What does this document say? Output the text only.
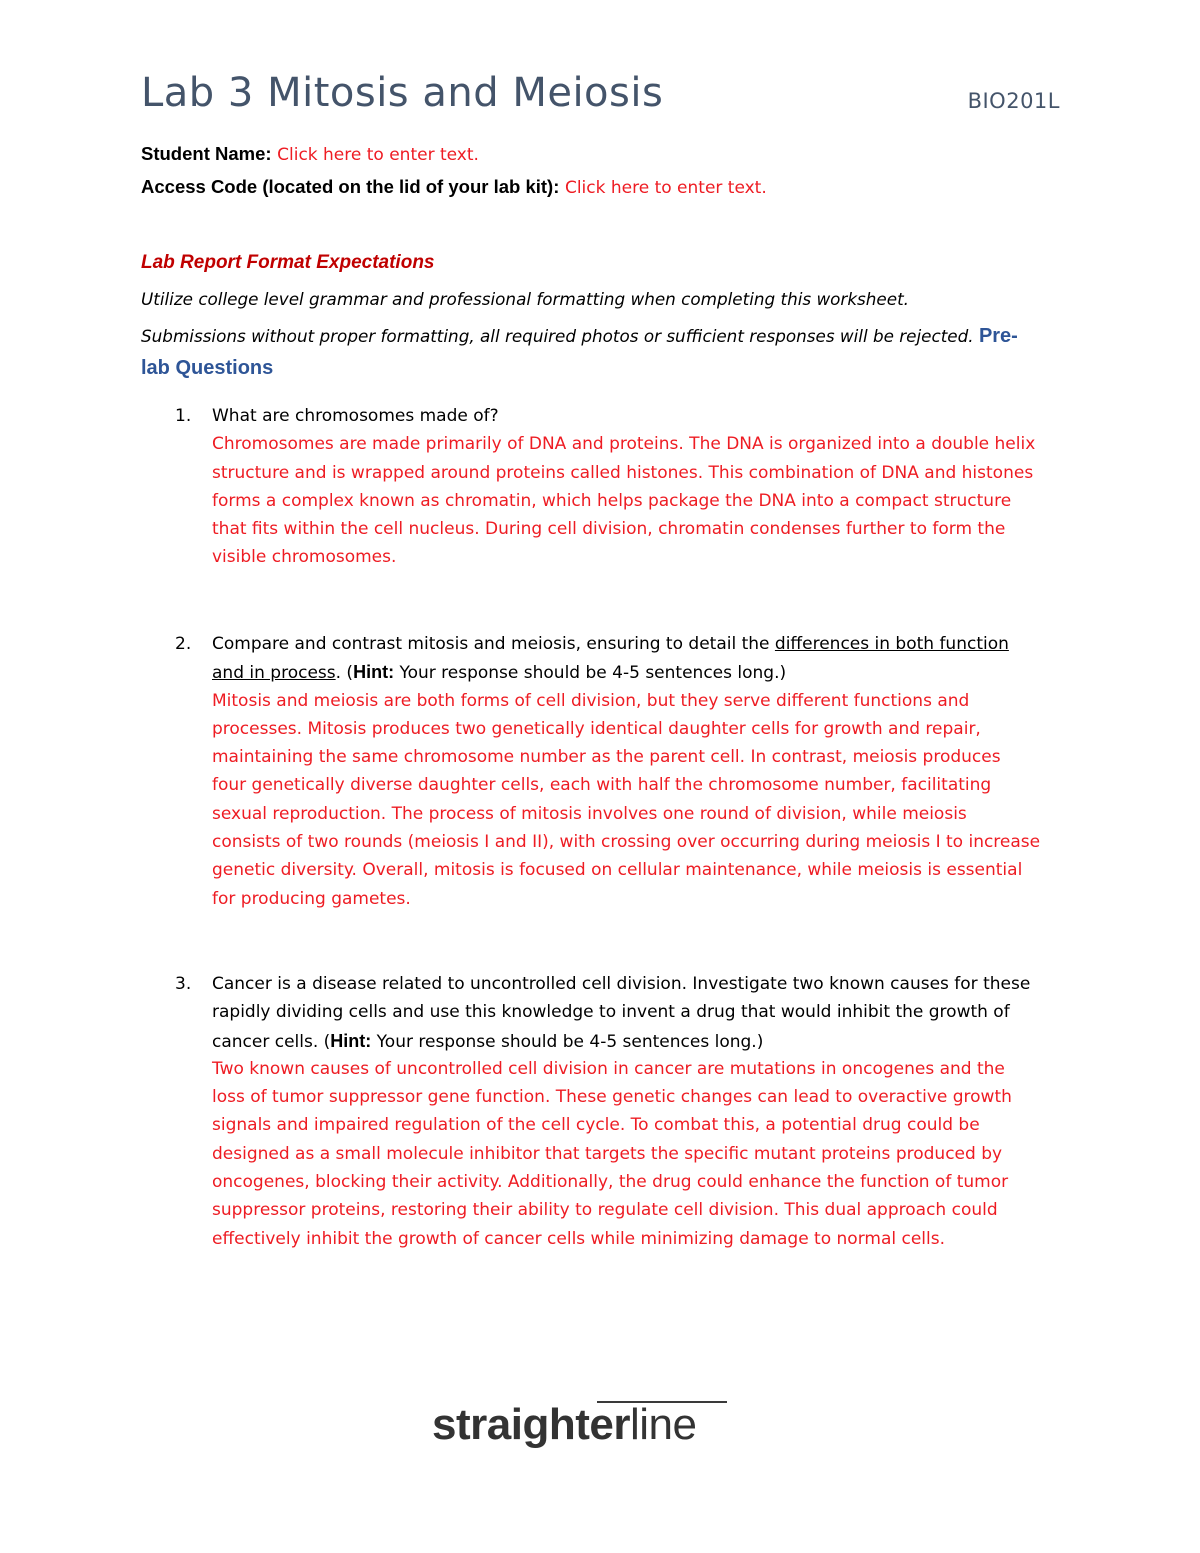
Lab 3 Mitosis and Meiosis	BIO201L
Student Name: Click here to enter text.
Access Code (located on the lid of your lab kit): Click here to enter text.
Lab Report Format Expectations
Utilize college level grammar and professional formatting when completing this worksheet.
Submissions without proper formatting, all required photos or sufficient responses will be rejected. Pre-
lab Questions
1. What are chromosomes made of?
Chromosomes are made primarily of DNA and proteins. The DNA is organized into a double helix
structure and is wrapped around proteins called histones. This combination of DNA and histones
forms a complex known as chromatin, which helps package the DNA into a compact structure
that fits within the cell nucleus. During cell division, chromatin condenses further to form the
visible chromosomes.
2. Compare and contrast mitosis and meiosis, ensuring to detail the differences in both function
and in process. (Hint: Your response should be 4-5 sentences long.)
Mitosis and meiosis are both forms of cell division, but they serve different functions and
processes. Mitosis produces two genetically identical daughter cells for growth and repair,
maintaining the same chromosome number as the parent cell. In contrast, meiosis produces
four genetically diverse daughter cells, each with half the chromosome number, facilitating
sexual reproduction. The process of mitosis involves one round of division, while meiosis
consists of two rounds (meiosis I and II), with crossing over occurring during meiosis I to increase
genetic diversity. Overall, mitosis is focused on cellular maintenance, while meiosis is essential
for producing gametes.
3. Cancer is a disease related to uncontrolled cell division. Investigate two known causes for these
rapidly dividing cells and use this knowledge to invent a drug that would inhibit the growth of
cancer cells. (Hint: Your response should be 4-5 sentences long.)
Two known causes of uncontrolled cell division in cancer are mutations in oncogenes and the
loss of tumor suppressor gene function. These genetic changes can lead to overactive growth
signals and impaired regulation of the cell cycle. To combat this, a potential drug could be
designed as a small molecule inhibitor that targets the specific mutant proteins produced by
oncogenes, blocking their activity. Additionally, the drug could enhance the function of tumor
suppressor proteins, restoring their ability to regulate cell division. This dual approach could
effectively inhibit the growth of cancer cells while minimizing damage to normal cells.
straighterline
